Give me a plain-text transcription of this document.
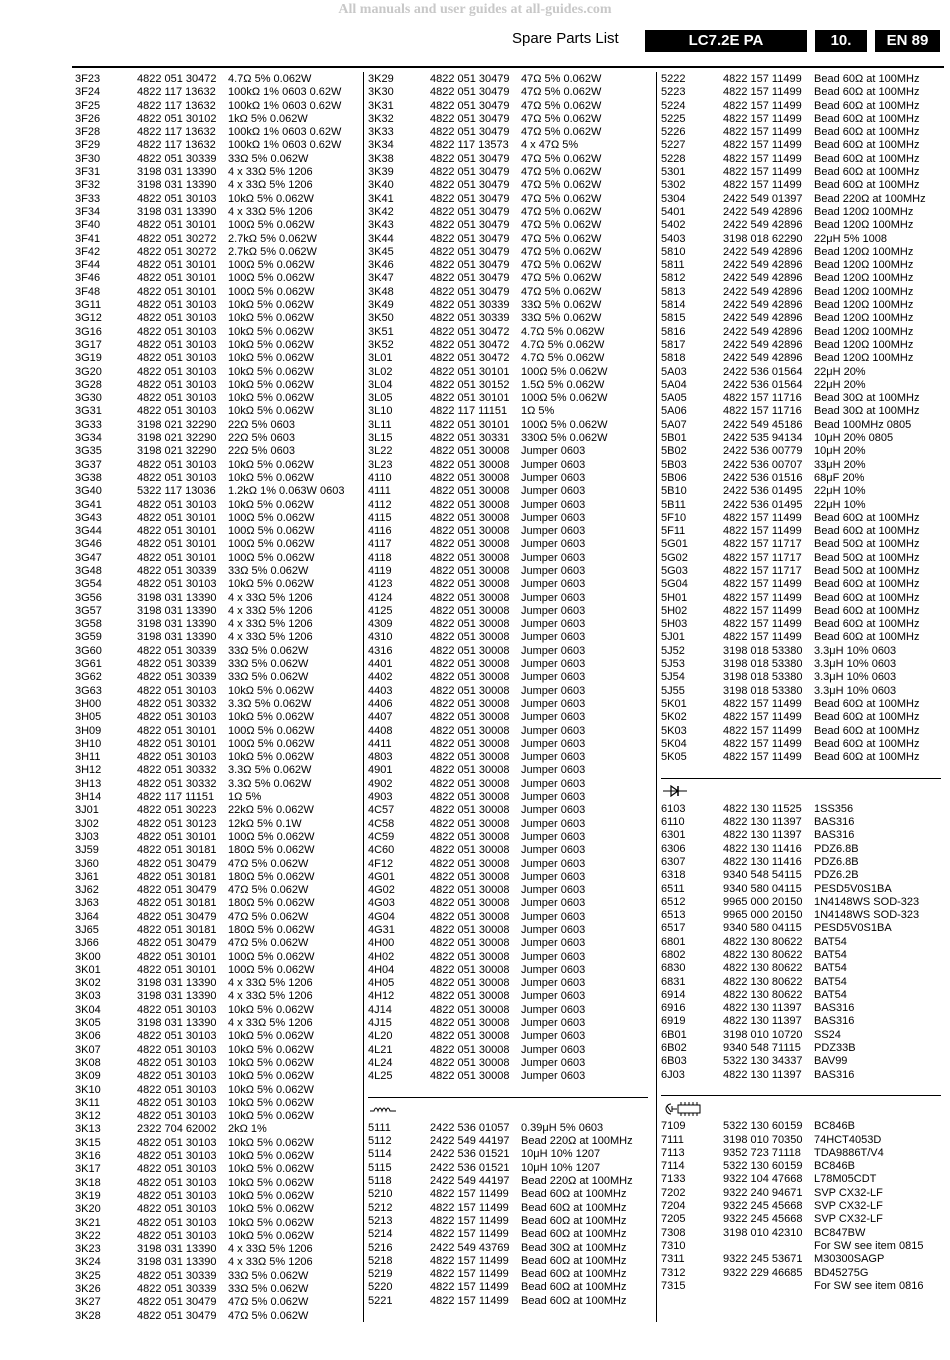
All manuals and user guides at all-guides.com
Spare Parts List	LC7.2E PA	10.	EN 89
3F23	4822 051 30472 4.7Ω 5% 0.062W
3F24	4822 117 13632 100kΩ 1% 0603 0.62W
3F25	4822 117 13632 100kΩ 1% 0603 0.62W
3F26	4822 051 30102 1kΩ 5% 0.062W
3F28	4822 117 13632 100kΩ 1% 0603 0.62W
3F29	4822 117 13632 100kΩ 1% 0603 0.62W
3F30	4822 051 30339 33Ω 5% 0.062W
3F31	3198 031 13390 4 x 33Ω 5% 1206
3F32	3198 031 13390 4 x 33Ω 5% 1206
3F33	4822 051 30103 10kΩ 5% 0.062W
3F34	3198 031 13390 4 x 33Ω 5% 1206
3F40	4822 051 30101 100Ω 5% 0.062W
3F41	4822 051 30272 2.7kΩ 5% 0.062W
3F42	4822 051 30272 2.7kΩ 5% 0.062W
3F44	4822 051 30101 100Ω 5% 0.062W
3F46	4822 051 30101 100Ω 5% 0.062W
3F48	4822 051 30101 100Ω 5% 0.062W
3G11	4822 051 30103 10kΩ 5% 0.062W
3G12	4822 051 30103 10kΩ 5% 0.062W
3G16	4822 051 30103 10kΩ 5% 0.062W
3G17	4822 051 30103 10kΩ 5% 0.062W
3G19	4822 051 30103 10kΩ 5% 0.062W
3G20	4822 051 30103 10kΩ 5% 0.062W
3G28	4822 051 30103 10kΩ 5% 0.062W
3G30	4822 051 30103 10kΩ 5% 0.062W
3G31	4822 051 30103 10kΩ 5% 0.062W
3G33	3198 021 32290 22Ω 5% 0603
3G34	3198 021 32290 22Ω 5% 0603
3G35	3198 021 32290 22Ω 5% 0603
3G37	4822 051 30103 10kΩ 5% 0.062W
3G38	4822 051 30103 10kΩ 5% 0.062W
3G40	5322 117 13036 1.2kΩ 1% 0.063W 0603
3G41	4822 051 30103 10kΩ 5% 0.062W
3G43	4822 051 30101 100Ω 5% 0.062W
3G44	4822 051 30101 100Ω 5% 0.062W
3G46	4822 051 30101 100Ω 5% 0.062W
3G47	4822 051 30101 100Ω 5% 0.062W
3G48	4822 051 30339 33Ω 5% 0.062W
3G54	4822 051 30103 10kΩ 5% 0.062W
3G56	3198 031 13390 4 x 33Ω 5% 1206
3G57	3198 031 13390 4 x 33Ω 5% 1206
3G58	3198 031 13390 4 x 33Ω 5% 1206
3G59	3198 031 13390 4 x 33Ω 5% 1206
3G60	4822 051 30339 33Ω 5% 0.062W
3G61	4822 051 30339 33Ω 5% 0.062W
3G62	4822 051 30339 33Ω 5% 0.062W
3G63	4822 051 30103 10kΩ 5% 0.062W
3H00	4822 051 30332 3.3Ω 5% 0.062W
3H05	4822 051 30103 10kΩ 5% 0.062W
3H09	4822 051 30101 100Ω 5% 0.062W
3H10	4822 051 30101 100Ω 5% 0.062W
3H11	4822 051 30103 10kΩ 5% 0.062W
3H12	4822 051 30332 3.3Ω 5% 0.062W
3H13	4822 051 30332 3.3Ω 5% 0.062W
3H14	4822 117 11151 1Ω 5%
3J01	4822 051 30223 22kΩ 5% 0.062W
3J02	4822 051 30123 12kΩ 5% 0.1W
3J03	4822 051 30101 100Ω 5% 0.062W
3J59	4822 051 30181 180Ω 5% 0.062W
3J60	4822 051 30479 47Ω 5% 0.062W
3J61	4822 051 30181 180Ω 5% 0.062W
3J62	4822 051 30479 47Ω 5% 0.062W
3J63	4822 051 30181 180Ω 5% 0.062W
3J64	4822 051 30479 47Ω 5% 0.062W
3J65	4822 051 30181 180Ω 5% 0.062W
3J66	4822 051 30479 47Ω 5% 0.062W
3K00	4822 051 30101 100Ω 5% 0.062W
3K01	4822 051 30101 100Ω 5% 0.062W
3K02	3198 031 13390 4 x 33Ω 5% 1206
3K03	3198 031 13390 4 x 33Ω 5% 1206
3K04	4822 051 30103 10kΩ 5% 0.062W
3K05	3198 031 13390 4 x 33Ω 5% 1206
3K06	4822 051 30103 10kΩ 5% 0.062W
3K07	4822 051 30103 10kΩ 5% 0.062W
3K08	4822 051 30103 10kΩ 5% 0.062W
3K09	4822 051 30103 10kΩ 5% 0.062W
3K10	4822 051 30103 10kΩ 5% 0.062W
3K11	4822 051 30103 10kΩ 5% 0.062W
3K12	4822 051 30103 10kΩ 5% 0.062W
3K13	2322 704 62002 2kΩ 1%
3K15	4822 051 30103 10kΩ 5% 0.062W
3K16	4822 051 30103 10kΩ 5% 0.062W
3K17	4822 051 30103 10kΩ 5% 0.062W
3K18	4822 051 30103 10kΩ 5% 0.062W
3K19	4822 051 30103 10kΩ 5% 0.062W
3K20	4822 051 30103 10kΩ 5% 0.062W
3K21	4822 051 30103 10kΩ 5% 0.062W
3K22	4822 051 30103 10kΩ 5% 0.062W
3K23	3198 031 13390 4 x 33Ω 5% 1206
3K24	3198 031 13390 4 x 33Ω 5% 1206
3K25	4822 051 30339 33Ω 5% 0.062W
3K26	4822 051 30339 33Ω 5% 0.062W
3K27	4822 051 30479 47Ω 5% 0.062W
3K28	4822 051 30479 47Ω 5% 0.062W
3K29	4822 051 30479 47Ω 5% 0.062W
3K30	4822 051 30479 47Ω 5% 0.062W
3K31	4822 051 30479 47Ω 5% 0.062W
3K32	4822 051 30479 47Ω 5% 0.062W
3K33	4822 051 30479 47Ω 5% 0.062W
3K34	4822 117 13573 4 x 47Ω 5%
3K38	4822 051 30479 47Ω 5% 0.062W
3K39	4822 051 30479 47Ω 5% 0.062W
3K40	4822 051 30479 47Ω 5% 0.062W
3K41	4822 051 30479 47Ω 5% 0.062W
3K42	4822 051 30479 47Ω 5% 0.062W
3K43	4822 051 30479 47Ω 5% 0.062W
3K44	4822 051 30479 47Ω 5% 0.062W
3K45	4822 051 30479 47Ω 5% 0.062W
3K46	4822 051 30479 47Ω 5% 0.062W
3K47	4822 051 30479 47Ω 5% 0.062W
3K48	4822 051 30479 47Ω 5% 0.062W
3K49	4822 051 30339 33Ω 5% 0.062W
3K50	4822 051 30339 33Ω 5% 0.062W
3K51	4822 051 30472 4.7Ω 5% 0.062W
3K52	4822 051 30472 4.7Ω 5% 0.062W
3L01	4822 051 30472 4.7Ω 5% 0.062W
3L02	4822 051 30101 100Ω 5% 0.062W
3L04	4822 051 30152 1.5Ω 5% 0.062W
3L05	4822 051 30101 100Ω 5% 0.062W
3L10	4822 117 11151 1Ω 5%
3L11	4822 051 30101 100Ω 5% 0.062W
3L15	4822 051 30331 330Ω 5% 0.062W
3L22	4822 051 30008 Jumper 0603
3L23	4822 051 30008 Jumper 0603
4110	4822 051 30008 Jumper 0603
4111	4822 051 30008 Jumper 0603
4112	4822 051 30008 Jumper 0603
4115	4822 051 30008 Jumper 0603
4116	4822 051 30008 Jumper 0603
4117	4822 051 30008 Jumper 0603
4118	4822 051 30008 Jumper 0603
4119	4822 051 30008 Jumper 0603
4123	4822 051 30008 Jumper 0603
4124	4822 051 30008 Jumper 0603
4125	4822 051 30008 Jumper 0603
4309	4822 051 30008 Jumper 0603
4310	4822 051 30008 Jumper 0603
4316	4822 051 30008 Jumper 0603
4401	4822 051 30008 Jumper 0603
4402	4822 051 30008 Jumper 0603
4403	4822 051 30008 Jumper 0603
4406	4822 051 30008 Jumper 0603
4407	4822 051 30008 Jumper 0603
4408	4822 051 30008 Jumper 0603
4411	4822 051 30008 Jumper 0603
4803	4822 051 30008 Jumper 0603
4901	4822 051 30008 Jumper 0603
4902	4822 051 30008 Jumper 0603
4903	4822 051 30008 Jumper 0603
4C57	4822 051 30008 Jumper 0603
4C58	4822 051 30008 Jumper 0603
4C59	4822 051 30008 Jumper 0603
4C60	4822 051 30008 Jumper 0603
4F12	4822 051 30008 Jumper 0603
4G01	4822 051 30008 Jumper 0603
4G02	4822 051 30008 Jumper 0603
4G03	4822 051 30008 Jumper 0603
4G04	4822 051 30008 Jumper 0603
4G31	4822 051 30008 Jumper 0603
4H00	4822 051 30008 Jumper 0603
4H02	4822 051 30008 Jumper 0603
4H04	4822 051 30008 Jumper 0603
4H05	4822 051 30008 Jumper 0603
4H12	4822 051 30008 Jumper 0603
4J14	4822 051 30008 Jumper 0603
4J15	4822 051 30008 Jumper 0603
4L20	4822 051 30008 Jumper 0603
4L21	4822 051 30008 Jumper 0603
4L24	4822 051 30008 Jumper 0603
4L25	4822 051 30008 Jumper 0603
5111	2422 536 01057 0.39μH 5% 0603
5112	2422 549 44197 Bead 220Ω at 100MHz
5114	2422 536 01521 10μH 10% 1207
5115	2422 536 01521 10μH 10% 1207
5118	2422 549 44197 Bead 220Ω at 100MHz
5210	4822 157 11499 Bead 60Ω at 100MHz
5212	4822 157 11499 Bead 60Ω at 100MHz
5213	4822 157 11499 Bead 60Ω at 100MHz
5214	4822 157 11499 Bead 60Ω at 100MHz
5216	2422 549 43769 Bead 30Ω at 100MHz
5218	4822 157 11499 Bead 60Ω at 100MHz
5219	4822 157 11499 Bead 60Ω at 100MHz
5220	4822 157 11499 Bead 60Ω at 100MHz
5221	4822 157 11499 Bead 60Ω at 100MHz
5222	4822 157 11499 Bead 60Ω at 100MHz
5223	4822 157 11499 Bead 60Ω at 100MHz
5224	4822 157 11499 Bead 60Ω at 100MHz
5225	4822 157 11499 Bead 60Ω at 100MHz
5226	4822 157 11499 Bead 60Ω at 100MHz
5227	4822 157 11499 Bead 60Ω at 100MHz
5228	4822 157 11499 Bead 60Ω at 100MHz
5301	4822 157 11499 Bead 60Ω at 100MHz
5302	4822 157 11499 Bead 60Ω at 100MHz
5304	2422 549 01397 Bead 220Ω at 100MHz
5401	2422 549 42896 Bead 120Ω 100MHz
5402	2422 549 42896 Bead 120Ω 100MHz
5403	3198 018 62290 22μH 5% 1008
5810	2422 549 42896 Bead 120Ω 100MHz
5811	2422 549 42896 Bead 120Ω 100MHz
5812	2422 549 42896 Bead 120Ω 100MHz
5813	2422 549 42896 Bead 120Ω 100MHz
5814	2422 549 42896 Bead 120Ω 100MHz
5815	2422 549 42896 Bead 120Ω 100MHz
5816	2422 549 42896 Bead 120Ω 100MHz
5817	2422 549 42896 Bead 120Ω 100MHz
5818	2422 549 42896 Bead 120Ω 100MHz
5A03	2422 536 01564 22μH 20%
5A04	2422 536 01564 22μH 20%
5A05	4822 157 11716 Bead 30Ω at 100MHz
5A06	4822 157 11716 Bead 30Ω at 100MHz
5A07	2422 549 45186 Bead 100MHz 0805
5B01	2422 535 94134 10μH 20% 0805
5B02	2422 536 00779 10μH 20%
5B03	2422 536 00707 33μH 20%
5B06	2422 536 01516 68μF 20%
5B10	2422 536 01495 22μH 10%
5B11	2422 536 01495 22μH 10%
5F10	4822 157 11499 Bead 60Ω at 100MHz
5F11	4822 157 11499 Bead 60Ω at 100MHz
5G01	4822 157 11717 Bead 50Ω at 100MHz
5G02	4822 157 11717 Bead 50Ω at 100MHz
5G03	4822 157 11717 Bead 50Ω at 100MHz
5G04	4822 157 11499 Bead 60Ω at 100MHz
5H01	4822 157 11499 Bead 60Ω at 100MHz
5H02	4822 157 11499 Bead 60Ω at 100MHz
5H03	4822 157 11499 Bead 60Ω at 100MHz
5J01	4822 157 11499 Bead 60Ω at 100MHz
5J52	3198 018 53380 3.3μH 10% 0603
5J53	3198 018 53380 3.3μH 10% 0603
5J54	3198 018 53380 3.3μH 10% 0603
5J55	3198 018 53380 3.3μH 10% 0603
5K01	4822 157 11499 Bead 60Ω at 100MHz
5K02	4822 157 11499 Bead 60Ω at 100MHz
5K03	4822 157 11499 Bead 60Ω at 100MHz
5K04	4822 157 11499 Bead 60Ω at 100MHz
5K05	4822 157 11499 Bead 60Ω at 100MHz
6103	4822 130 11525 1SS356
6110	4822 130 11397 BAS316
6301	4822 130 11397 BAS316
6306	4822 130 11416 PDZ6.8B
6307	4822 130 11416 PDZ6.8B
6318	9340 548 54115 PDZ6.2B
6511	9340 580 04115 PESD5V0S1BA
6512	9965 000 20150 1N4148WS SOD-323
6513	9965 000 20150 1N4148WS SOD-323
6517	9340 580 04115 PESD5V0S1BA
6801	4822 130 80622 BAT54
6802	4822 130 80622 BAT54
6830	4822 130 80622 BAT54
6831	4822 130 80622 BAT54
6914	4822 130 80622 BAT54
6916	4822 130 11397 BAS316
6919	4822 130 11397 BAS316
6B01	3198 010 10720 SS24
6B02	9340 548 71115 PDZ33B
6B03	5322 130 34337 BAV99
6J03	4822 130 11397 BAS316
7109	5322 130 60159 BC846B
7111	3198 010 70350 74HCT4053D
7113	9352 723 71118 TDA9886T/V4
7114	5322 130 60159 BC846B
7133	9322 104 47668 L78M05CDT
7202	9322 240 94671 SVP CX32-LF
7204	9322 245 45668 SVP CX32-LF
7205	9322 245 45668 SVP CX32-LF
7308	3198 010 42310 BC847BW
7310	For SW see item 0815
7311	9322 245 53671 M30300SAGP
7312	9322 229 46685 BD45275G
7315	For SW see item 0816
